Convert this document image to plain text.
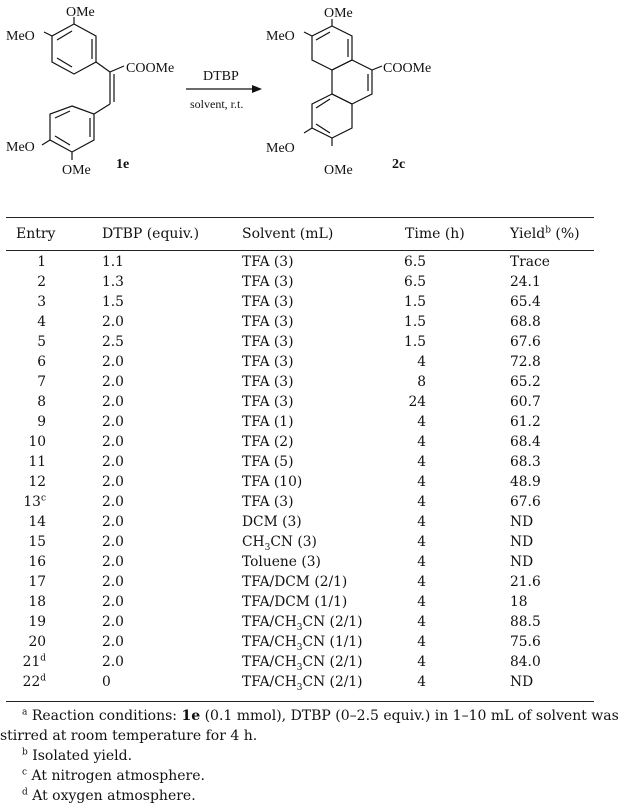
OMe
MeO
COOMe
MeO
OMe 1e
DTBP
solvent, r.t.
OMe
MeO
COOMe
MeO
OMe	2c
Entry	DTBP (equiv.)	Solvent (mL)	Time (h)	Yield$^b$ (%)
1	1.1	TFA (3)	6.5	Trace
2	1.3	TFA (3)	6.5	24.1
3	1.5	TFA (3)	1.5	65.4
4	2.0	TFA (3)	1.5	68.8
5	2.5	TFA (3)	1.5	67.6
6	2.0	TFA (3)	4	72.8
7	2.0	TFA (3)	8	65.2
8	2.0	TFA (3)	24	60.7
9	2.0	TFA (1)	4	61.2
10	2.0	TFA (2)	4	68.4
11	2.0	TFA (5)	4	68.3
12	2.0	TFA (10)	4	48.9
13$^c$	2.0	TFA (3)	4	67.6
14	2.0	DCM (3)	4	ND
15	2.0	$CH_3CN$ (3)	4	ND
16	2.0	Toluene (3)	4	ND
17	2.0	TFA/DCM (2/1)	4	21.6
18	2.0	TFA/DCM (1/1)	4	18
19	2.0	TFA/$CH_3CN$ (2/1)	4	88.5
20	2.0	TFA/$CH_3CN$ (1/1)	4	75.6
21$^d$	2.0	TFA/$CH_3CN$ (2/1)	4	84.0
22$^d$	0	TFA/$CH_3CN$ (2/1)	4	ND
$^a$ Reaction conditions: 1e (0.1 mmol), DTBP (0–2.5 equiv.) in 1–10 mL of solvent was stirred at room temperature for 4 h.
$^b$ Isolated yield.
$^c$ At nitrogen atmosphere.
$^d$ At oxygen atmosphere.
